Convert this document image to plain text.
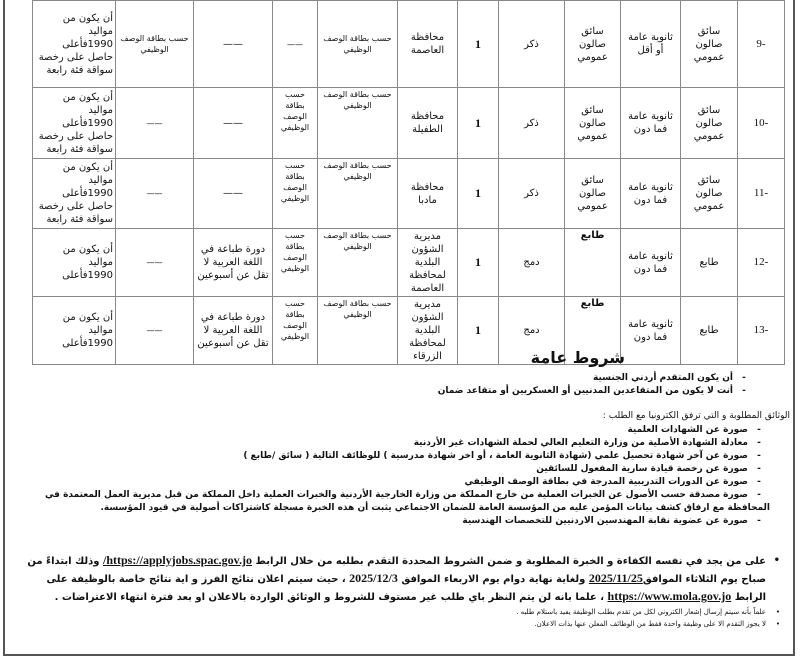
-9	سائق صالون عمومي	ثانوية عامة أو أقل	سائق صالون عمومي	ذكر	1	محافظة العاصمة	حسب بطاقة الوصف الوظيفي	——	——	حسب بطاقة الوصف الوظيفي	أن يكون من مواليد 1990فأعلى حاصل على رخصة سواقة فئة رابعة
-10	سائق صالون عمومي	ثانوية عامة فما دون	سائق صالون عمومي	ذكر	1	محافظة الطفيلة	حسب بطاقة الوصف الوظيفي	حسب بطاقة الوصف الوظيفي	——	——	أن يكون من مواليد 1990فأعلى حاصل على رخصة سواقة فئة رابعة
-11	سائق صالون عمومي	ثانوية عامة فما دون	سائق صالون عمومي	ذكر	1	محافظة مادبا	حسب بطاقة الوصف الوظيفي	حسب بطاقة الوصف الوظيفي	——	——	أن يكون من مواليد 1990فأعلى حاصل على رخصة سواقة فئة رابعة
-12	طابع	ثانوية عامة فما دون	طابع	دمج	1	مديرية الشؤون البلدية لمحافظة العاصمة	حسب بطاقة الوصف الوظيفي	حسب بطاقة الوصف الوظيفي	دورة طباعة في اللغة العربية لا تقل عن أسبوعين	——	أن يكون من مواليد 1990فأعلى
-13	طابع	ثانوية عامة فما دون	طابع	دمج	1	مديرية الشؤون البلدية لمحافظة الزرقاء	حسب بطاقة الوصف الوظيفي	حسب بطاقة الوصف الوظيفي	دورة طباعة في اللغة العربية لا تقل عن أسبوعين	——	أن يكون من مواليد 1990فأعلى
شروط عامة
- أن يكون المتقدم أردني الجنسية
- أنت لا يكون من المتقاعدين المدنيين أو العسكريين أو متقاعد ضمان
الوثائق المطلوبة و التي ترفق الكترونيا مع الطلب :
- صورة عن الشهادات العلمية
- معادلة الشهادة الأصلية من وزارة التعليم العالي لحملة الشهادات غير الأردنية
- صورة عن آخر شهادة تحصيل علمي (شهادة الثانوية العامة ، أو اخر شهادة مدرسية ) للوظائف التالية ( سائق /طابع )
- صورة عن رخصة قيادة سارية المفعول للسائقين
- صورة عن الدورات التدريبية المدرجة في بطاقة الوصف الوظيفي
- صورة مصدقة حسب الأصول عن الخبرات العملية من خارج المملكة من وزارة الخارجية الأردنية والخبرات العملية داخل المملكة من قبل مديرية العمل المعتمدة في المحافظة مع ارفاق كشف بيانات المؤمن عليه من المؤسسة العامة للضمان الاجتماعي يثبت أن هذه الخبرة مسجلة كاشتراكات أصولية في قيود المؤسسة.
- صورة عن عضوية نقابة المهندسين الاردنيين للتخصصات الهندسية
• على من يجد في نفسه الكفاءة و الخبرة المطلوبة و ضمن الشروط المحددة التقدم بطلبه من خلال الرابط https://applyjobs.spac.gov.jo/ وذلك ابتداءً من صباح يوم الثلاثاء الموافق2025/11/25 ولغاية نهاية دوام يوم الاربعاء الموافق 2025/12/3 ، حيث سيتم اعلان نتائج الفرز و اية نتائج خاصة بالوظيفة على الرابط https://www.mola.gov.jo ، علما بانه لن يتم النظر باي طلب غير مستوف للشروط و الوثائق الواردة بالاعلان او بعد فترة انتهاء الاعتراضات .
• علماً بأنه سيتم إرسال إشعار الكتروني لكل من تقدم بطلب الوظيفة يفيد باستلام طلبه .
• لا يجوز التقدم الا على وظيفة واحدة فقط من الوظائف المعلن عنها بذات الاعلان.
